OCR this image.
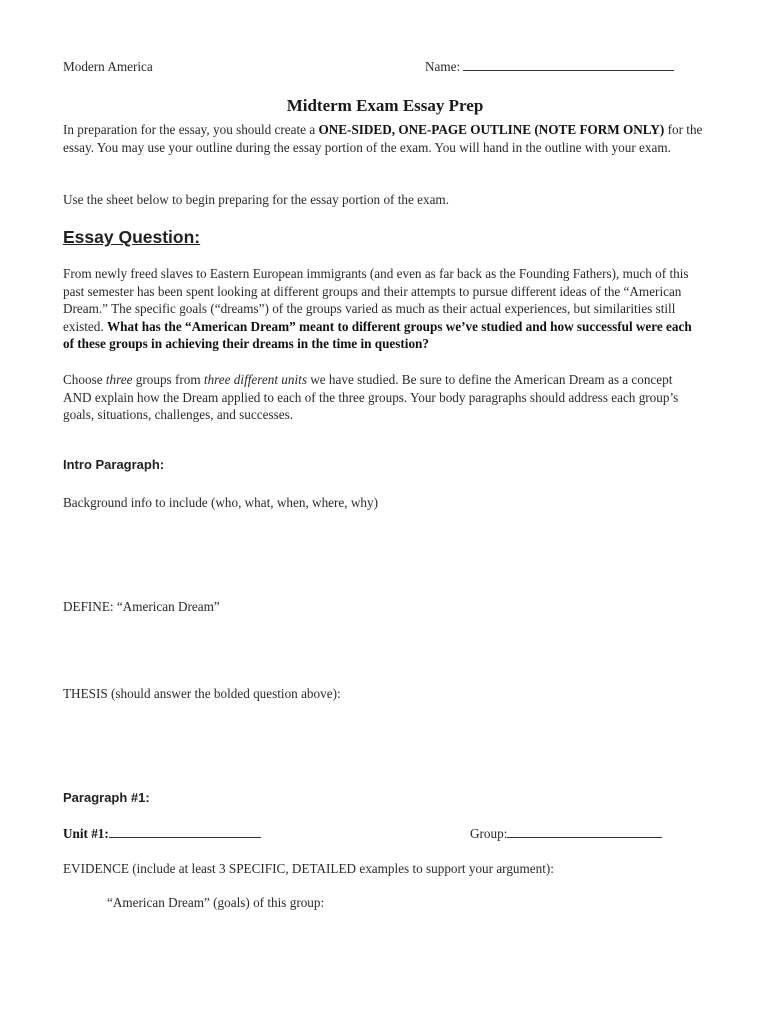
Modern America	Name:
Midterm Exam Essay Prep

In preparation for the essay, you should create a ONE-SIDED, ONE-PAGE OUTLINE (NOTE FORM ONLY) for the essay. You may use your outline during the essay portion of the exam. You will hand in the outline with your exam.

Use the sheet below to begin preparing for the essay portion of the exam.

Essay Question:

From newly freed slaves to Eastern European immigrants (and even as far back as the Founding Fathers), much of this past semester has been spent looking at different groups and their attempts to pursue different ideas of the “American Dream.” The specific goals (“dreams”) of the groups varied as much as their actual experiences, but similarities still existed. What has the “American Dream” meant to different groups we’ve studied and how successful were each of these groups in achieving their dreams in the time in question?

Choose three groups from three different units we have studied. Be sure to define the American Dream as a concept AND explain how the Dream applied to each of the three groups. Your body paragraphs should address each group’s goals, situations, challenges, and successes.

Intro Paragraph:
Background info to include (who, what, when, where, why)
DEFINE: “American Dream”
THESIS (should answer the bolded question above):
Paragraph #1:
Unit #1:	Group:
EVIDENCE (include at least 3 SPECIFIC, DETAILED examples to support your argument):
“American Dream” (goals) of this group:
